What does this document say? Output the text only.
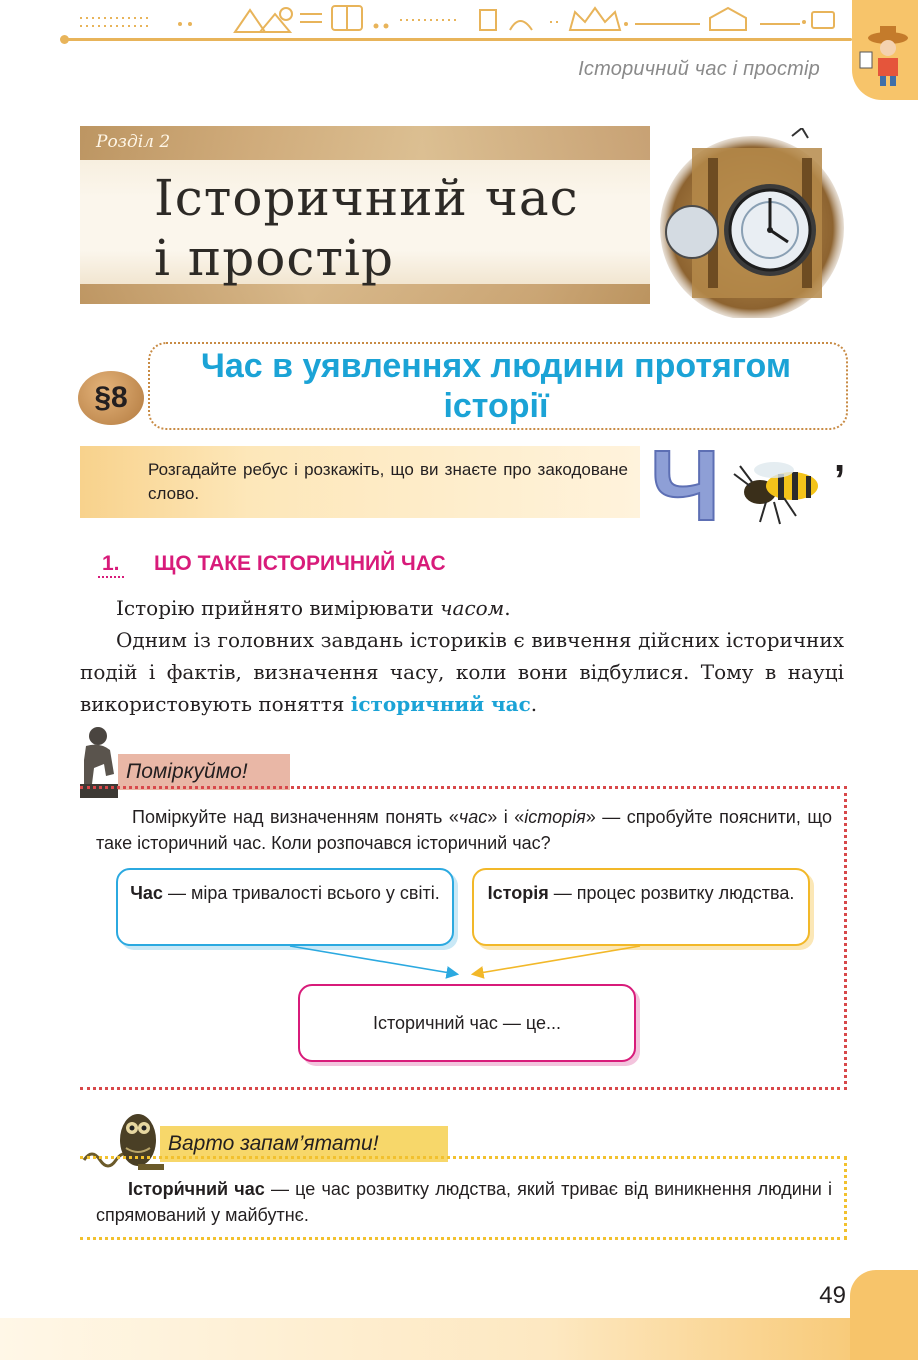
Історичний час і простір
Розділ 2
Історичний час
і простір
§8
Час в уявленнях людини протягом
історії
Розгадайте ребус і розкажіть, що ви знаєте про закодоване слово.	Ч	,
1. ЩО ТАКЕ ІСТОРИЧНИЙ ЧАС
Історію прийнято вимірювати часом.
Одним із головних завдань істориків є вивчення дійсних історичних подій і фактів, визначення часу, коли вони відбулися. Тому в науці використовують поняття історичний час.
Поміркуймо!
Поміркуйте над визначенням понять «час» і «історія» — спробуйте пояснити, що таке історичний час. Коли розпочався історичний час?
Час — міра тривалості всього у світі.	Історія — процес розвитку людства.
Історичний час — це...
Варто запам’ятати!
Істори́чний час — це час розвитку людства, який триває від виникнення людини і спрямований у майбутнє.
49
